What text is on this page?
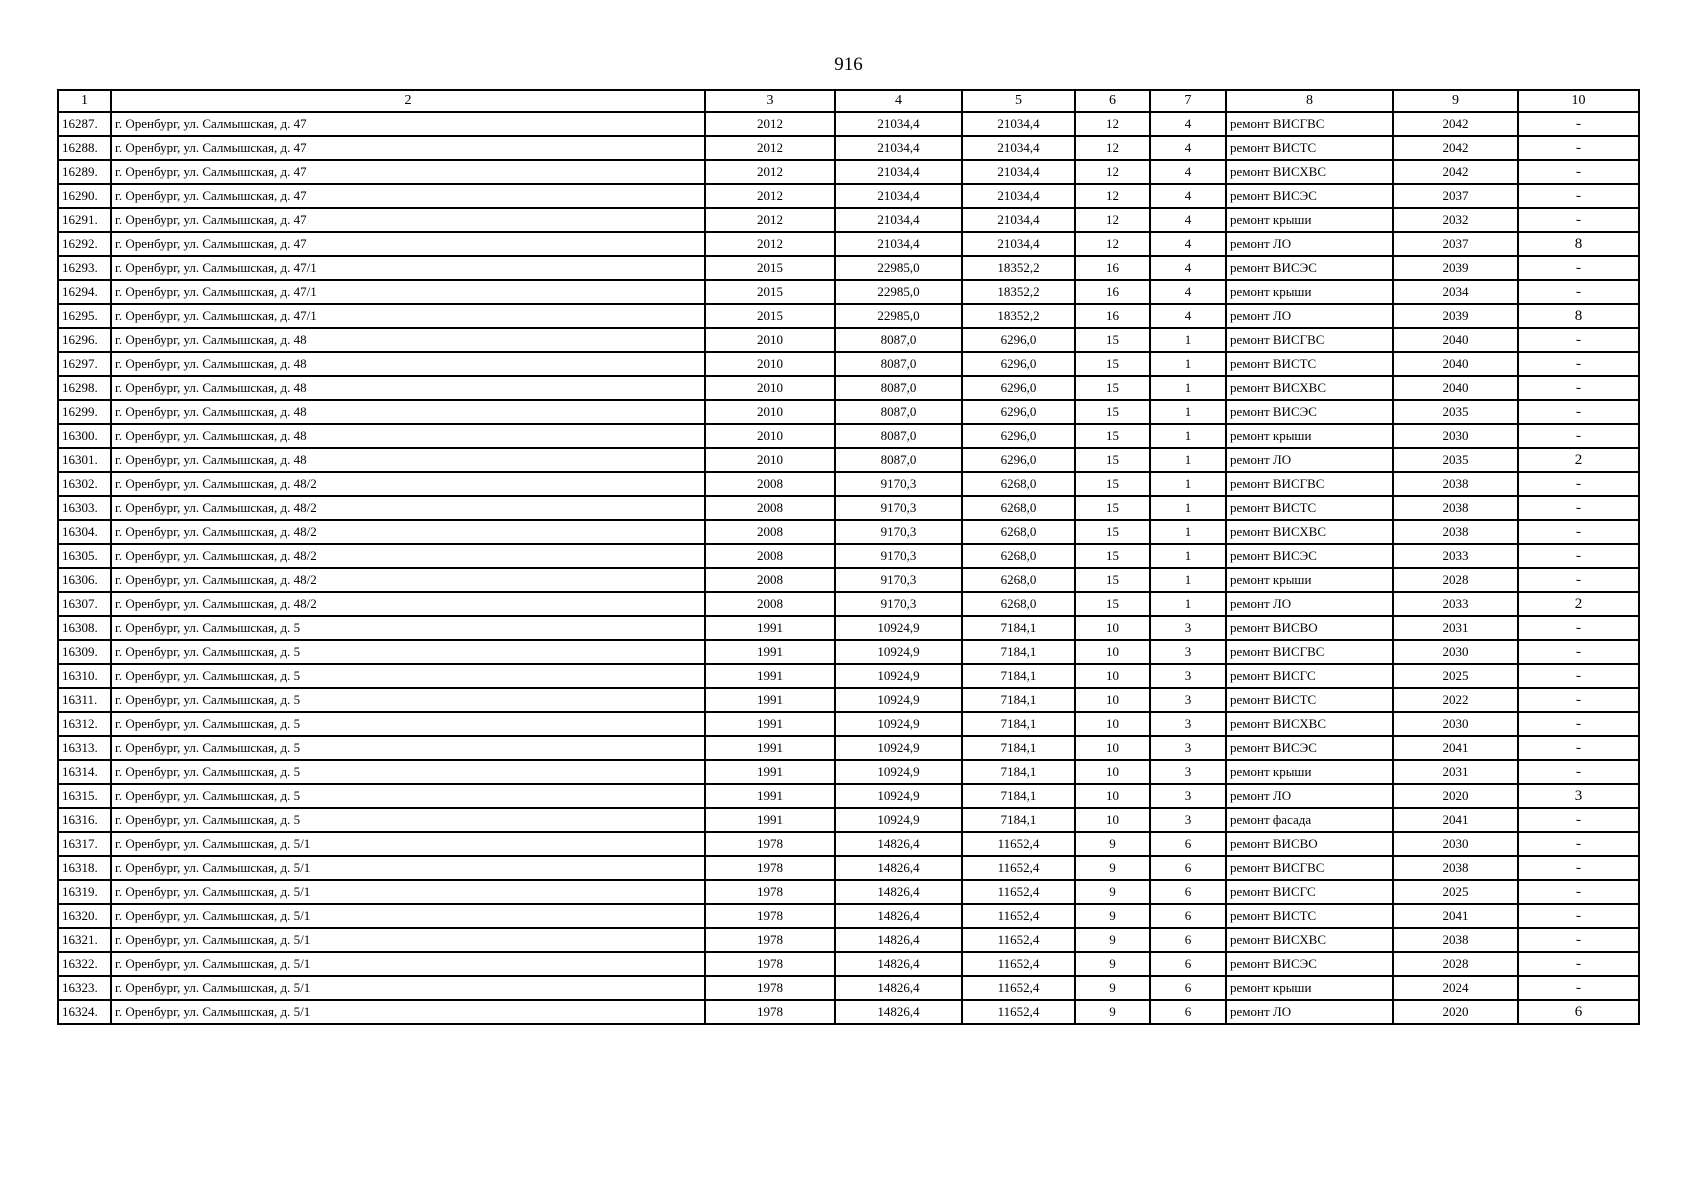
916
1	2	3	4	5	6	7	8	9	10
16287.	г. Оренбург, ул. Салмышская, д. 47	2012	21034,4	21034,4	12	4	ремонт ВИСГВС	2042	-
16288.	г. Оренбург, ул. Салмышская, д. 47	2012	21034,4	21034,4	12	4	ремонт ВИСТС	2042	-
16289.	г. Оренбург, ул. Салмышская, д. 47	2012	21034,4	21034,4	12	4	ремонт ВИСХВС	2042	-
16290.	г. Оренбург, ул. Салмышская, д. 47	2012	21034,4	21034,4	12	4	ремонт ВИСЭС	2037	-
16291.	г. Оренбург, ул. Салмышская, д. 47	2012	21034,4	21034,4	12	4	ремонт крыши	2032	-
16292.	г. Оренбург, ул. Салмышская, д. 47	2012	21034,4	21034,4	12	4	ремонт ЛО	2037	8
16293.	г. Оренбург, ул. Салмышская, д. 47/1	2015	22985,0	18352,2	16	4	ремонт ВИСЭС	2039	-
16294.	г. Оренбург, ул. Салмышская, д. 47/1	2015	22985,0	18352,2	16	4	ремонт крыши	2034	-
16295.	г. Оренбург, ул. Салмышская, д. 47/1	2015	22985,0	18352,2	16	4	ремонт ЛО	2039	8
16296.	г. Оренбург, ул. Салмышская, д. 48	2010	8087,0	6296,0	15	1	ремонт ВИСГВС	2040	-
16297.	г. Оренбург, ул. Салмышская, д. 48	2010	8087,0	6296,0	15	1	ремонт ВИСТС	2040	-
16298.	г. Оренбург, ул. Салмышская, д. 48	2010	8087,0	6296,0	15	1	ремонт ВИСХВС	2040	-
16299.	г. Оренбург, ул. Салмышская, д. 48	2010	8087,0	6296,0	15	1	ремонт ВИСЭС	2035	-
16300.	г. Оренбург, ул. Салмышская, д. 48	2010	8087,0	6296,0	15	1	ремонт крыши	2030	-
16301.	г. Оренбург, ул. Салмышская, д. 48	2010	8087,0	6296,0	15	1	ремонт ЛО	2035	2
16302.	г. Оренбург, ул. Салмышская, д. 48/2	2008	9170,3	6268,0	15	1	ремонт ВИСГВС	2038	-
16303.	г. Оренбург, ул. Салмышская, д. 48/2	2008	9170,3	6268,0	15	1	ремонт ВИСТС	2038	-
16304.	г. Оренбург, ул. Салмышская, д. 48/2	2008	9170,3	6268,0	15	1	ремонт ВИСХВС	2038	-
16305.	г. Оренбург, ул. Салмышская, д. 48/2	2008	9170,3	6268,0	15	1	ремонт ВИСЭС	2033	-
16306.	г. Оренбург, ул. Салмышская, д. 48/2	2008	9170,3	6268,0	15	1	ремонт крыши	2028	-
16307.	г. Оренбург, ул. Салмышская, д. 48/2	2008	9170,3	6268,0	15	1	ремонт ЛО	2033	2
16308.	г. Оренбург, ул. Салмышская, д. 5	1991	10924,9	7184,1	10	3	ремонт ВИСВО	2031	-
16309.	г. Оренбург, ул. Салмышская, д. 5	1991	10924,9	7184,1	10	3	ремонт ВИСГВС	2030	-
16310.	г. Оренбург, ул. Салмышская, д. 5	1991	10924,9	7184,1	10	3	ремонт ВИСГС	2025	-
16311.	г. Оренбург, ул. Салмышская, д. 5	1991	10924,9	7184,1	10	3	ремонт ВИСТС	2022	-
16312.	г. Оренбург, ул. Салмышская, д. 5	1991	10924,9	7184,1	10	3	ремонт ВИСХВС	2030	-
16313.	г. Оренбург, ул. Салмышская, д. 5	1991	10924,9	7184,1	10	3	ремонт ВИСЭС	2041	-
16314.	г. Оренбург, ул. Салмышская, д. 5	1991	10924,9	7184,1	10	3	ремонт крыши	2031	-
16315.	г. Оренбург, ул. Салмышская, д. 5	1991	10924,9	7184,1	10	3	ремонт ЛО	2020	3
16316.	г. Оренбург, ул. Салмышская, д. 5	1991	10924,9	7184,1	10	3	ремонт фасада	2041	-
16317.	г. Оренбург, ул. Салмышская, д. 5/1	1978	14826,4	11652,4	9	6	ремонт ВИСВО	2030	-
16318.	г. Оренбург, ул. Салмышская, д. 5/1	1978	14826,4	11652,4	9	6	ремонт ВИСГВС	2038	-
16319.	г. Оренбург, ул. Салмышская, д. 5/1	1978	14826,4	11652,4	9	6	ремонт ВИСГС	2025	-
16320.	г. Оренбург, ул. Салмышская, д. 5/1	1978	14826,4	11652,4	9	6	ремонт ВИСТС	2041	-
16321.	г. Оренбург, ул. Салмышская, д. 5/1	1978	14826,4	11652,4	9	6	ремонт ВИСХВС	2038	-
16322.	г. Оренбург, ул. Салмышская, д. 5/1	1978	14826,4	11652,4	9	6	ремонт ВИСЭС	2028	-
16323.	г. Оренбург, ул. Салмышская, д. 5/1	1978	14826,4	11652,4	9	6	ремонт крыши	2024	-
16324.	г. Оренбург, ул. Салмышская, д. 5/1	1978	14826,4	11652,4	9	6	ремонт ЛО	2020	6
